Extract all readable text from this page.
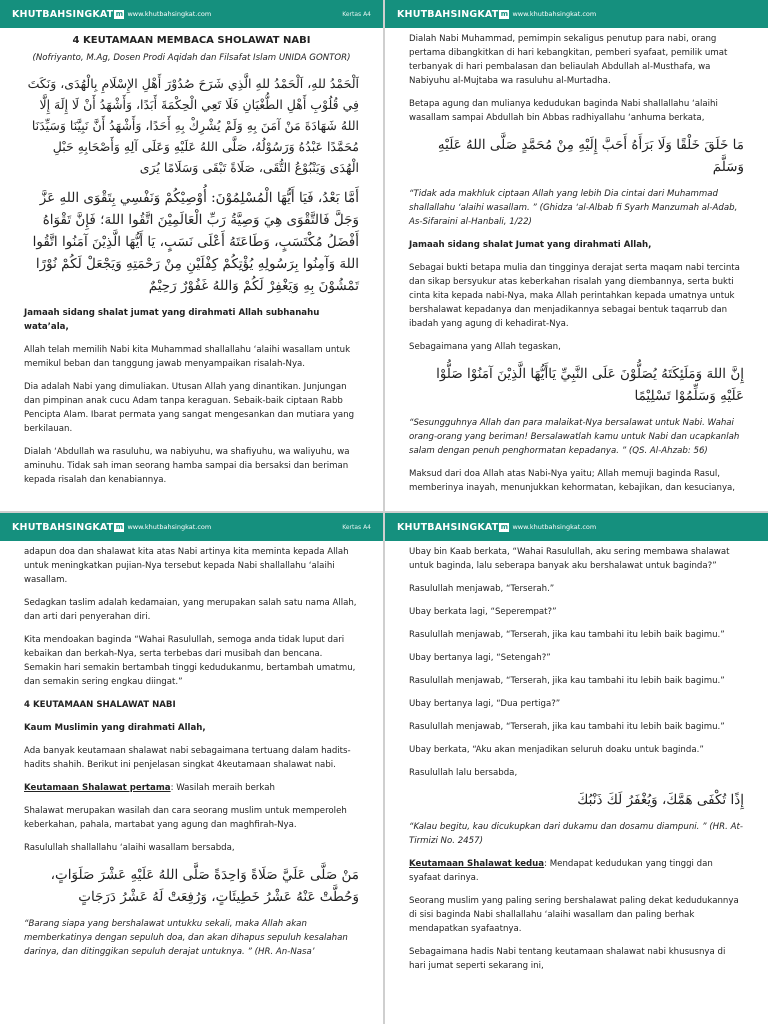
KHUTBAHSINGKAT m www.khutbahsingkat.com	Kertas A4
4 KEUTAMAAN MEMBACA SHOLAWAT NABI
(Nofriyanto, M.Ag, Dosen Prodi Aqidah dan Filsafat Islam UNIDA GONTOR)

اَلْحَمْدُ للهِ، اَلْحَمْدُ للهِ الَّذِي شَرَحَ صُدُوْرَ أَهْلِ الإِسْلَامِ بِالْهُدَى، وَنَكَتَ فِي قُلُوْبِ أَهْلِ الطُّغْيَانِ فَلَا تَعِي الْحِكْمَةَ أَبَدًا، وَأَشْهَدُ أَنْ لَا إِلَهَ إِلَّا اللهُ شَهَادَةَ مَنْ آمَنَ بِهِ وَلَمْ يُشْرِكْ بِهِ أَحَدًا، وَأَشْهَدُ أَنَّ نَبِيَّنَا وَسَيِّدَنَا مُحَمَّدًا عَبْدُهُ وَرَسُوْلُهُ، صَلَّى اللهُ عَلَيْهِ وَعَلَى آلِهِ وَأَصْحَابِهِ حَبْلِ الْهُدَى وَيَنْبُوْعُ التُّقَى، صَلَاةً تَبْقَى وَسَلَامًا يُرَى

أَمَّا بَعْدُ، فَيَا أَيُّهَا الْمُسْلِمُوْنَ: أُوْصِيْكُمْ وَنَفْسِي بِتَقْوَى اللهِ عَزَّ وَجَلَّ فَالتَّقْوَى هِيَ وَصِيَّةُ رَبِّ الْعَالَمِيْنَ اتَّقُوا اللهَ؛ فَإِنَّ تَقْوَاهُ أَفْضَلُ مُكْتَسَبٍ، وَطَاعَتَهُ أَعْلَى نَسَبٍ، يَا أَيُّهَا الَّذِيْنَ آمَنُوا اتَّقُوا اللهَ وَآمِنُوا بِرَسُولِهِ يُؤْتِكُمْ كِفْلَيْنِ مِنْ رَحْمَتِهِ وَيَجْعَلْ لَكُمْ نُوْرًا تَمْشُوْنَ بِهِ وَيَغْفِرْ لَكُمْ وَاللهُ غَفُوْرٌ رَحِيْمٌ

Jamaah sidang shalat jumat yang dirahmati Allah subhanahu wata’ala,

Allah telah memilih Nabi kita Muhammad shallallahu ‘alaihi wasallam untuk memikul beban dan tanggung jawab menyampaikan risalah-Nya.

Dia adalah Nabi yang dimuliakan. Utusan Allah yang dinantikan. Junjungan dan pimpinan anak cucu Adam tanpa keraguan. Sebaik-baik ciptaan Rabb Pencipta Alam. Ibarat permata yang sangat mengesankan dan mutiara yang berkilauan.

Dialah ‘Abdullah wa rasuluhu, wa nabiyuhu, wa shafiyuhu, wa waliyuhu, wa aminuhu. Tidak sah iman seorang hamba sampai dia bersaksi dan beriman kepada risalah dan kenabiannya.

KHUTBAHSINGKAT m www.khutbahsingkat.com

Dialah Nabi Muhammad, pemimpin sekaligus penutup para nabi, orang pertama dibangkitkan di hari kebangkitan, pemberi syafaat, pemilik umat terbanyak di hari pembalasan dan beliaulah Abdullah al-Musthafa, wa Nabiyuhu al-Mujtaba wa rasuluhu al-Murtadha.

Betapa agung dan mulianya kedudukan baginda Nabi shallallahu ‘alaihi wasallam sampai Abdullah bin Abbas radhiyallahu ‘anhuma berkata,

مَا خَلَقَ خَلْقًا وَلَا بَرَأَهُ أَحَبَّ إِلَيْهِ مِنْ مُحَمَّدٍ صَلَّى اللهُ عَلَيْهِ وَسَلَّمَ

“Tidak ada makhluk ciptaan Allah yang lebih Dia cintai dari Muhammad shallallahu ‘alaihi wasallam. ” (Ghidza ‘al-Albab fi Syarh Manzumah al-Adab, As-Sifaraini al-Hanbali, 1/22)

Jamaah sidang shalat Jumat yang dirahmati Allah,

Sebagai bukti betapa mulia dan tingginya derajat serta maqam nabi tercinta dan sikap bersyukur atas keberkahan risalah yang diembannya, serta bukti cinta kita kepada nabi-Nya, maka Allah perintahkan kepada umatnya untuk bershalawat kepadanya dan menjadikannya sebagai bentuk taqarrub dan ibadah yang agung di kehadirat-Nya.

Sebagaimana yang Allah tegaskan,

إِنَّ اللهَ وَمَلَئِكَتَهُ يُصَلُّوْنَ عَلَى النَّبِيِّ يَاأَيُّهَا الَّذِيْنَ آمَنُوْا صَلُّوْا عَلَيْهِ وَسَلِّمُوْا تَسْلِيْمًا

“Sesungguhnya Allah dan para malaikat-Nya bersalawat untuk Nabi. Wahai orang-orang yang beriman! Bersalawatlah kamu untuk Nabi dan ucapkanlah salam dengan penuh penghormatan kepadanya. ” (QS. Al-Ahzab: 56)

Maksud dari doa Allah atas Nabi-Nya yaitu; Allah memuji baginda Rasul, memberinya inayah, menunjukkan kehormatan, kebajikan, dan kesucianya,

KHUTBAHSINGKAT m www.khutbahsingkat.com	Kertas A4

adapun doa dan shalawat kita atas Nabi artinya kita meminta kepada Allah untuk meningkatkan pujian-Nya tersebut kepada Nabi shallallahu ‘alaihi wasallam.

Sedagkan taslim adalah kedamaian, yang merupakan salah satu nama Allah, dan arti dari penyerahan diri.

Kita mendoakan baginda “Wahai Rasulullah, semoga anda tidak luput dari kebaikan dan berkah-Nya, serta terbebas dari musibah dan bencana. Semakin hari semakin bertambah tinggi kedudukanmu, bertambah umatmu, dan semakin sering engkau diingat.”

4 KEUTAMAAN SHALAWAT NABI

Kaum Muslimin yang dirahmati Allah,

Ada banyak keutamaan shalawat nabi sebagaimana tertuang dalam hadits-hadits shahih. Berikut ini penjelasan singkat 4keutamaan shalawat nabi.

Keutamaan Shalawat pertama: Wasilah meraih berkah

Shalawat merupakan wasilah dan cara seorang muslim untuk memperoleh keberkahan, pahala, martabat yang agung dan maghfirah-Nya.

Rasulullah shallallahu ‘alaihi wasallam bersabda,

مَنْ صَلَّى عَلَيَّ صَلَاةً وَاحِدَةً صَلَّى اللهُ عَلَيْهِ عَشْرَ صَلَوَاتٍ، وَحُطَّتْ عَنْهُ عَشْرُ خَطِيئَاتٍ، وَرُفِعَتْ لَهُ عَشْرُ دَرَجَاتٍ

“Barang siapa yang bershalawat untukku sekali, maka Allah akan memberkatinya dengan sepuluh doa, dan akan dihapus sepuluh kesalahan darinya, dan ditinggikan sepuluh derajat untuknya. ” (HR. An-Nasa’

KHUTBAHSINGKAT m www.khutbahsingkat.com

Ubay bin Kaab berkata, “Wahai Rasulullah, aku sering membawa shalawat untuk baginda, lalu seberapa banyak aku bershalawat untuk baginda?”

Rasulullah menjawab, “Terserah.”

Ubay berkata lagi, “Seperempat?”

Rasulullah menjawab, “Terserah, jika kau tambahi itu lebih baik bagimu.”

Ubay bertanya lagi, “Setengah?”

Rasulullah menjawab, “Terserah, jika kau tambahi itu lebih baik bagimu.”

Ubay bertanya lagi, “Dua pertiga?”

Rasulullah menjawab, “Terserah, jika kau tambahi itu lebih baik bagimu.”

Ubay berkata, “Aku akan menjadikan seluruh doaku untuk baginda.”

Rasulullah lalu bersabda,

إِذًا تُكْفَى هَمَّكَ، وَيُغْفَرُ لَكَ ذَنْبُكَ

“Kalau begitu, kau dicukupkan dari dukamu dan dosamu diampuni. ” (HR. At-Tirmizi No. 2457)

Keutamaan Shalawat kedua: Mendapat kedudukan yang tinggi dan syafaat darinya.

Seorang muslim yang paling sering bershalawat paling dekat kedudukannya di sisi baginda Nabi shallallahu ‘alaihi wasallam dan paling berhak mendapatkan syafaatnya.

Sebagaimana hadis Nabi tentang keutamaan shalawat nabi khususnya di hari jumat seperti sekarang ini,
